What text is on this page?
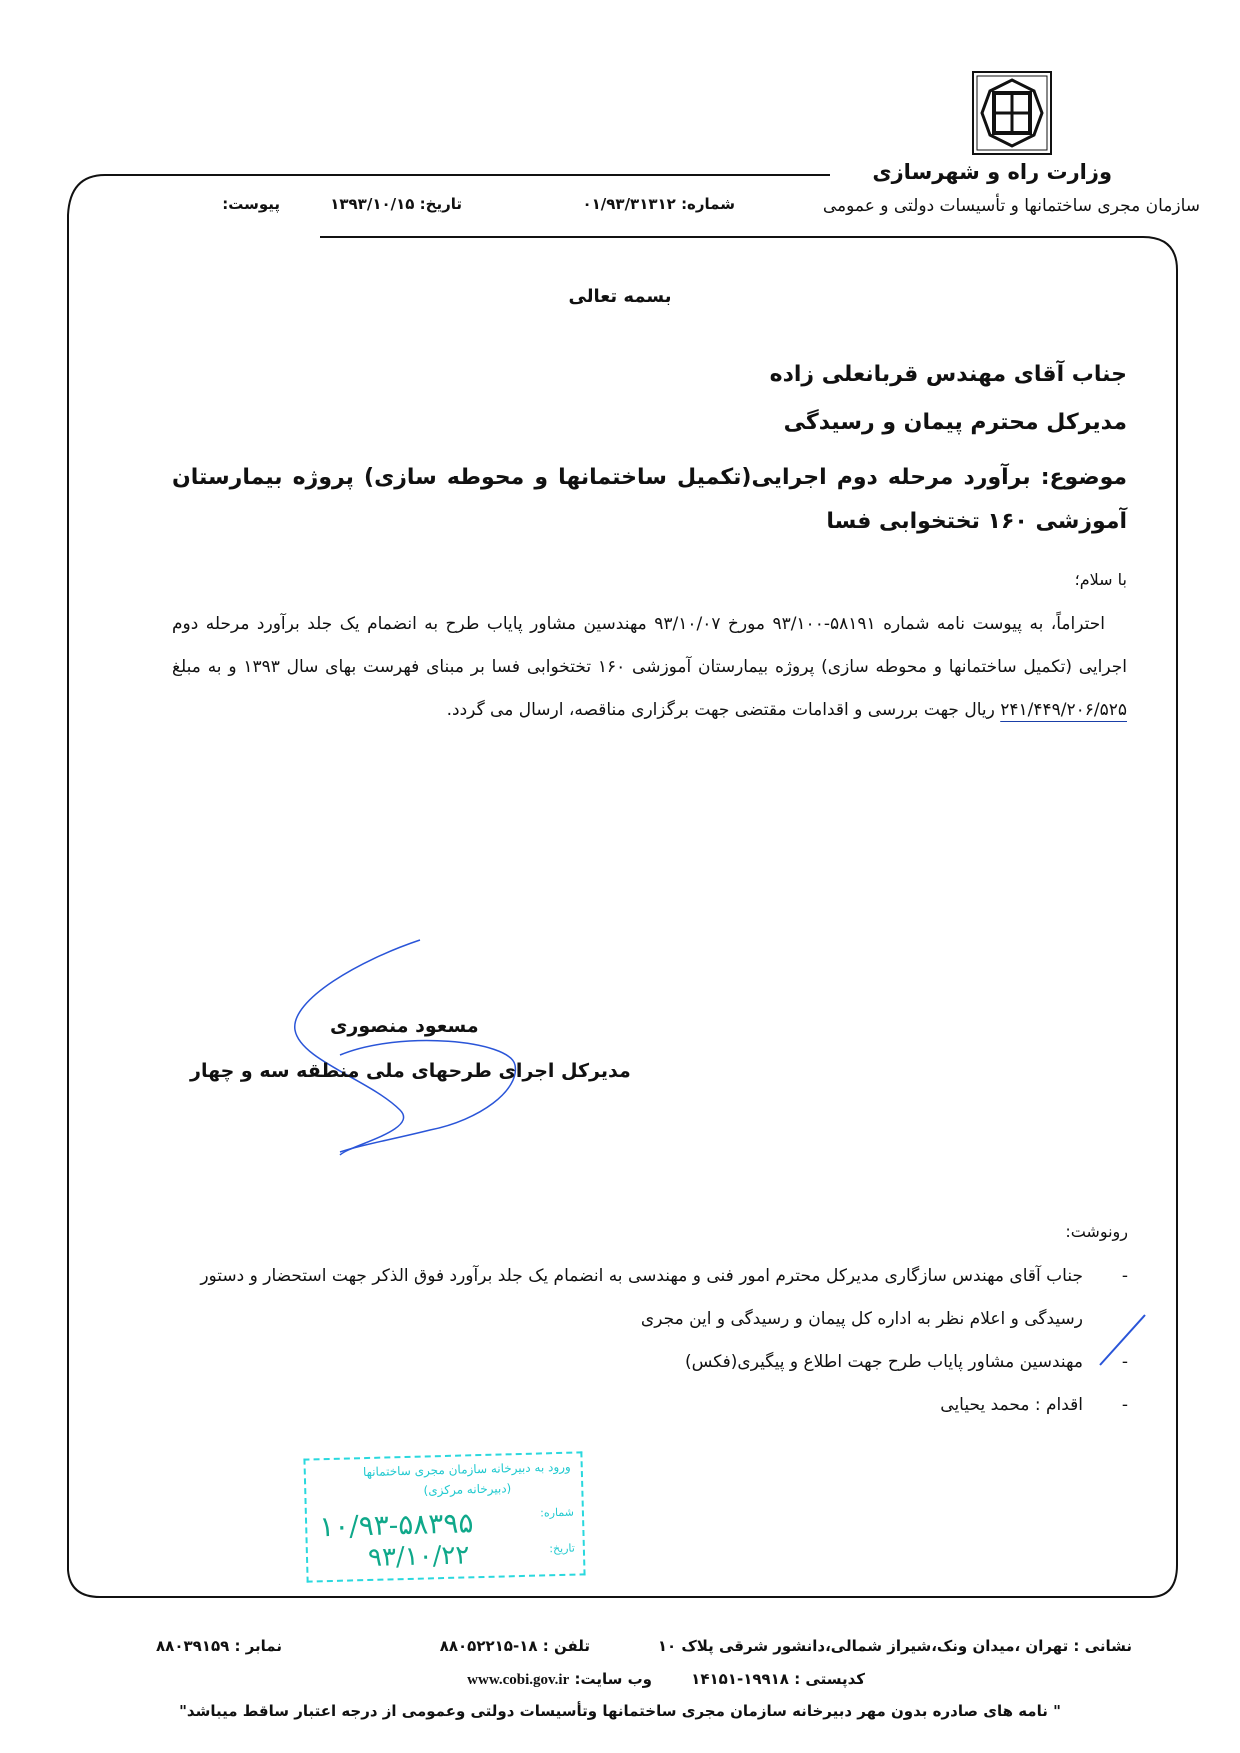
وزارت راه و شهرسازی
سازمان مجری ساختمانها و تأسیسات دولتی و عمومی
شماره: ۰۱/۹۳/۳۱۳۱۲
تاریخ: ۱۳۹۳/۱۰/۱۵
پیوست:
بسمه تعالی
جناب آقای مهندس قربانعلی زاده
مدیرکل محترم پیمان و رسیدگی
موضوع: برآورد مرحله دوم اجرایی(تکمیل ساختمانها و محوطه سازی) پروژه بیمارستان آموزشی ۱۶۰ تختخوابی فسا
با سلام؛
احتراماً، به پیوست نامه شماره ۵۸۱۹۱-۹۳/۱۰۰ مورخ ۹۳/۱۰/۰۷ مهندسین مشاور پایاب طرح به انضمام یک جلد برآورد مرحله دوم اجرایی (تکمیل ساختمانها و محوطه سازی) پروژه بیمارستان آموزشی ۱۶۰ تختخوابی فسا بر مبنای فهرست بهای سال ۱۳۹۳ و به مبلغ ۲۴۱/۴۴۹/۲۰۶/۵۲۵ ریال جهت بررسی و اقدامات مقتضی جهت برگزاری مناقصه، ارسال می گردد.
مسعود منصوری
مدیرکل اجرای طرحهای ملی منطقه سه و چهار
رونوشت:
-
جناب آقای مهندس سازگاری مدیرکل محترم امور فنی و مهندسی به انضمام یک جلد برآورد فوق الذکر جهت استحضار و دستور رسیدگی و اعلام نظر به اداره کل پیمان و رسیدگی و این مجری
-
مهندسین مشاور پایاب طرح جهت اطلاع و پیگیری(فکس)
-
اقدام : محمد یحیایی
ورود به دبیرخانه سازمان مجری ساختمانها
(دبیرخانه مرکزی)
شماره:
تاریخ:
۱۰/۹۳-۵۸۳۹۵
۹۳/۱۰/۲۲
نشانی : تهران ،میدان ونک،شیراز شمالی،دانشور شرقی پلاک ۱۰
تلفن : ۱۸-۸۸۰۵۲۲۱۵
نمابر : ۸۸۰۳۹۱۵۹
کدپستی : ۱۹۹۱۸-۱۴۱۵۱
وب سایت: www.cobi.gov.ir
" نامه های صادره بدون مهر دبیرخانه سازمان مجری ساختمانها وتأسیسات دولتی وعمومی از درجه اعتبار ساقط میباشد"
